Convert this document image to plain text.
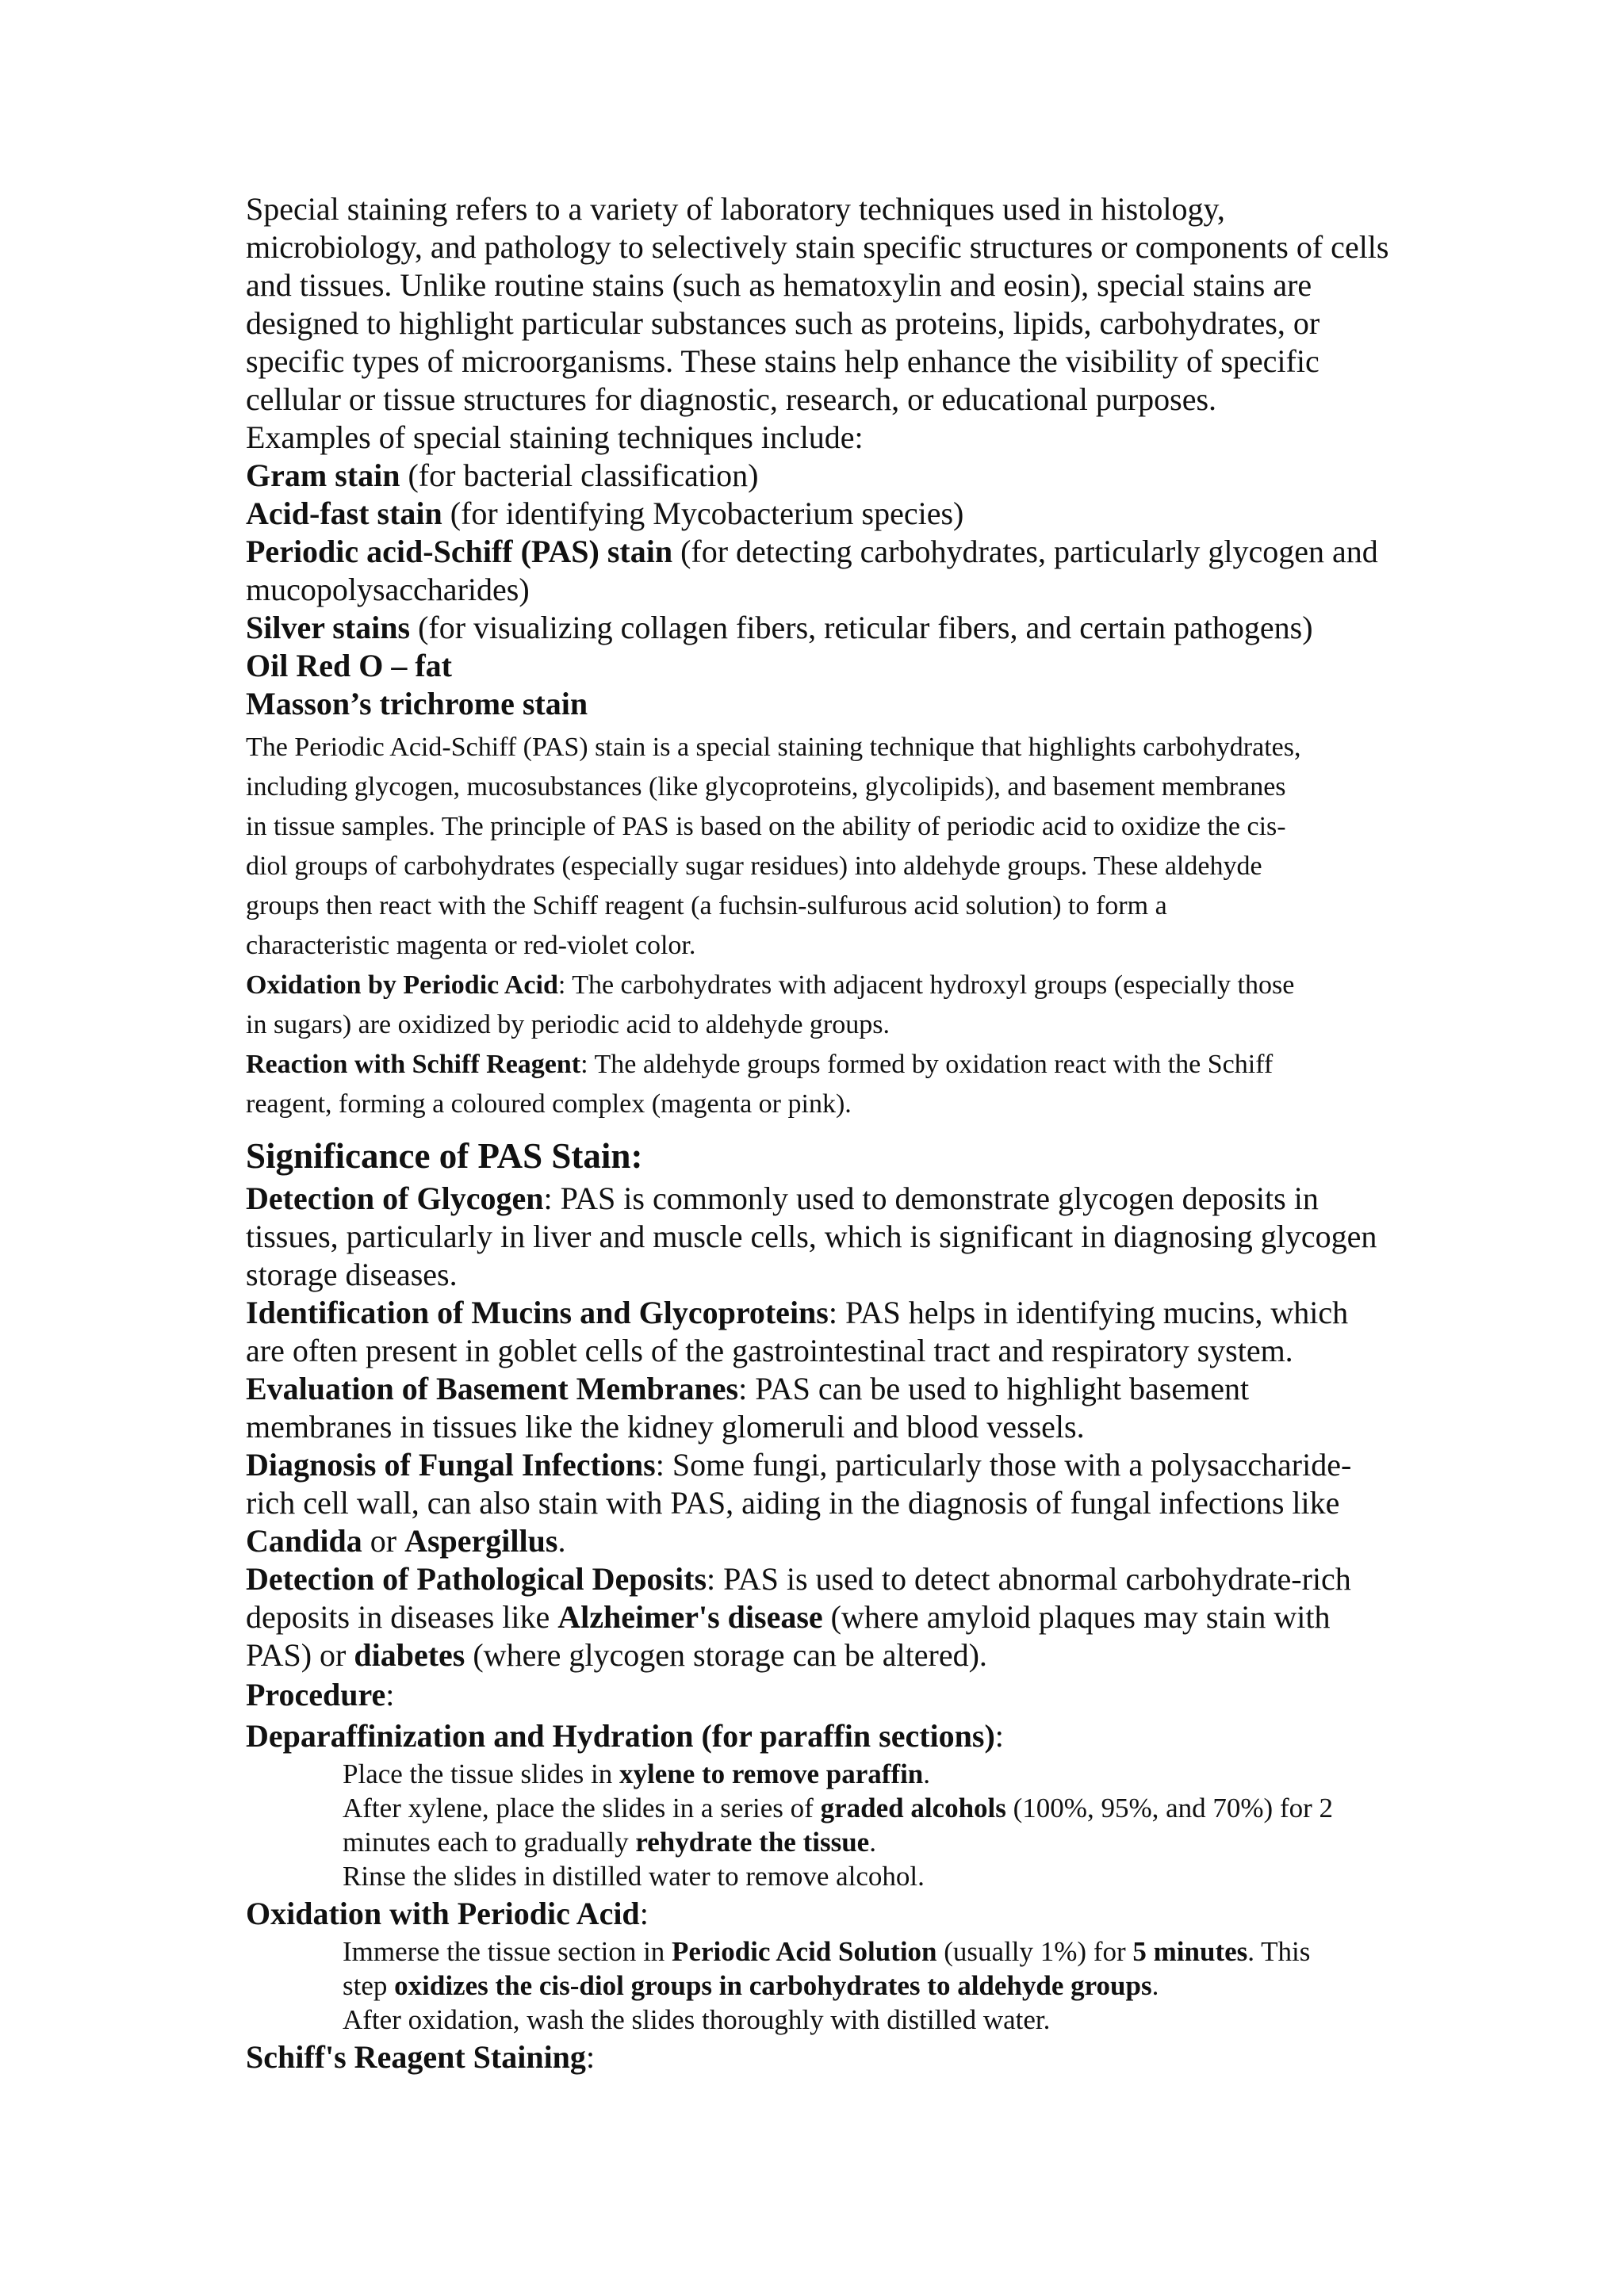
Special staining refers to a variety of laboratory techniques used in histology,

microbiology, and pathology to selectively stain specific structures or components of cells

and tissues. Unlike routine stains (such as hematoxylin and eosin), special stains are

designed to highlight particular substances such as proteins, lipids, carbohydrates, or

specific types of microorganisms. These stains help enhance the visibility of specific

cellular or tissue structures for diagnostic, research, or educational purposes.

Examples of special staining techniques include:

Gram stain (for bacterial classification)

Acid-fast stain (for identifying Mycobacterium species)

Periodic acid-Schiff (PAS) stain (for detecting carbohydrates, particularly glycogen and

mucopolysaccharides)

Silver stains (for visualizing collagen fibers, reticular fibers, and certain pathogens)

Oil Red O – fat

Masson’s trichrome stain

The Periodic Acid-Schiff (PAS) stain is a special staining technique that highlights carbohydrates,

including glycogen, mucosubstances (like glycoproteins, glycolipids), and basement membranes

in tissue samples. The principle of PAS is based on the ability of periodic acid to oxidize the cis-

diol groups of carbohydrates (especially sugar residues) into aldehyde groups. These aldehyde

groups then react with the Schiff reagent (a fuchsin-sulfurous acid solution) to form a

characteristic magenta or red-violet color.

Oxidation by Periodic Acid: The carbohydrates with adjacent hydroxyl groups (especially those

in sugars) are oxidized by periodic acid to aldehyde groups.

Reaction with Schiff Reagent: The aldehyde groups formed by oxidation react with the Schiff

reagent, forming a coloured complex (magenta or pink).

Significance of PAS Stain:

Detection of Glycogen: PAS is commonly used to demonstrate glycogen deposits in

tissues, particularly in liver and muscle cells, which is significant in diagnosing glycogen

storage diseases.

Identification of Mucins and Glycoproteins: PAS helps in identifying mucins, which

are often present in goblet cells of the gastrointestinal tract and respiratory system.

Evaluation of Basement Membranes: PAS can be used to highlight basement

membranes in tissues like the kidney glomeruli and blood vessels.

Diagnosis of Fungal Infections: Some fungi, particularly those with a polysaccharide-

rich cell wall, can also stain with PAS, aiding in the diagnosis of fungal infections like

Candida or Aspergillus.

Detection of Pathological Deposits: PAS is used to detect abnormal carbohydrate-rich

deposits in diseases like Alzheimer's disease (where amyloid plaques may stain with

PAS) or diabetes (where glycogen storage can be altered).

Procedure:

Deparaffinization and Hydration (for paraffin sections):

Place the tissue slides in xylene to remove paraffin.

After xylene, place the slides in a series of graded alcohols (100%, 95%, and 70%) for 2

minutes each to gradually rehydrate the tissue.

Rinse the slides in distilled water to remove alcohol.

Oxidation with Periodic Acid:

Immerse the tissue section in Periodic Acid Solution (usually 1%) for 5 minutes. This

step oxidizes the cis-diol groups in carbohydrates to aldehyde groups.

After oxidation, wash the slides thoroughly with distilled water.

Schiff's Reagent Staining:
